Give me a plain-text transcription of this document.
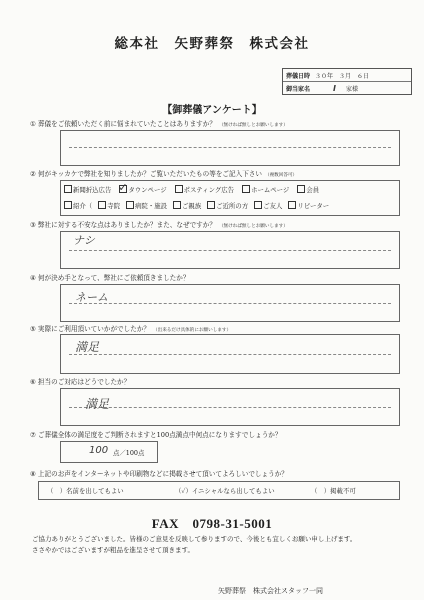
総本社　矢野葬祭　株式会社
葬儀日時 ３０年　３月　６日
御当家名	I 家様
【御葬儀アンケート】
① 葬儀をご依頼いただく前に悩まれていたことはありますか？ （無ければ無しとお願いします）
② 何がキッカケで弊社を知りましたか？ご覧いただいたもの等をご記入下さい （複数回答可）
新聞折込広告 ✓ タウンページ	ポスティング広告	ホームページ	会員
紹介（ 寺院 病院・施設 ご親族 ご近所の方 ご友人 リピーター
③ 弊社に対する不安な点はありましたか？また、なぜですか？ （無ければ無しとお願いします）
ナシ
④ 何が決め手となって、弊社にご依頼頂きましたか？
ネーム
⑤ 実際にご利用頂いていかがでしたか？ （出来るだけ具体的にお願いします）
満足
⑥ 担当のご対応はどうでしたか？
満足
⑦ ご葬儀全体の満足度をご判断されますと100点満点中何点になりますでしょうか？
100 点／100点
⑧ 上記のお声をインターネットや印刷物などに掲載させて頂いてよろしいでしょうか？
（　）名前を出してもよい	（✓）イニシャルなら出してもよい	（　）掲載不可
FAX　0798-31-5001
ご協力ありがとうございました。皆様のご意見を反映して参りますので、今後とも宜しくお願い申し上げます。
ささやかではございますが粗品を進呈させて頂きます。
矢野葬祭　株式会社スタッフ一同
